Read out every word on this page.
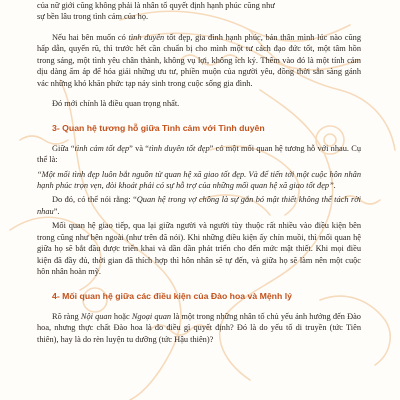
của nữ giới cũng không phải là nhân tố quyết định hạnh phúc cũng như

sự bền lâu trong tình cảm của họ.

Nếu hai bên muốn có tình duyên tốt đẹp, gia đình hạnh phúc, bản thân mình lúc nào cũng hấp dẫn, quyến rũ, thì trước hết cần chuẩn bị cho mình một tư cách đạo đức tốt, một tâm hồn trong sáng, một tình yêu chân thành, không vụ lợi, không ích kỷ. Thêm vào đó là một tính cảm dịu dàng ấm áp để hóa giải những ưu tư, phiền muộn của người yêu, đồng thời sẵn sàng gánh vác những khó khăn phức tạp nảy sinh trong cuộc sống gia đình.

Đó mới chính là điều quan trọng nhất.

3- Quan hệ tương hỗ giữa Tình cảm với Tình duyên

Giữa “tình cảm tốt đẹp” và “tình duyên tốt đẹp” có một mối quan hệ tương hỗ với nhau. Cụ thể là:

“Một mối tình đẹp luôn bắt nguồn từ quan hệ xã giao tốt đẹp. Và để tiến tới một cuộc hôn nhân hạnh phúc trọn vẹn, đòi khoát phải có sự hỗ trợ của những mối quan hệ xã giao tốt đẹp”.

Do đó, có thể nói rằng: “Quan hệ trong vợ chồng là sự gắn bó mật thiết không thể tách rời nhau”.

Mối quan hệ giao tiếp, qua lại giữa người và người tùy thuộc rất nhiều vào điều kiện bên trong cũng như bên ngoài (như trên đã nói). Khi những điều kiện ấy chín muồi, thì mối quan hệ giữa họ sẽ bắt đầu được triển khai và dần dần phát triển cho đến mức mật thiết. Khi mọi điều kiện đã đầy đủ, thời gian đã thích hợp thì hôn nhân sẽ tự đến, và giữa họ sẽ làm nên một cuộc hôn nhân hoàn mỹ.

4- Mối quan hệ giữa các điều kiện của Đào hoa và Mệnh lý

Rõ ràng Nội quan hoặc Ngoại quan là một trong những nhân tố chủ yếu ảnh hưởng đến Đào hoa, nhưng thực chất Đào hoa là do điều gì quyết định? Đó là do yếu tố di truyền (tức Tiên thiên), hay là do rèn luyện tu dưỡng (tức Hậu thiên)?
